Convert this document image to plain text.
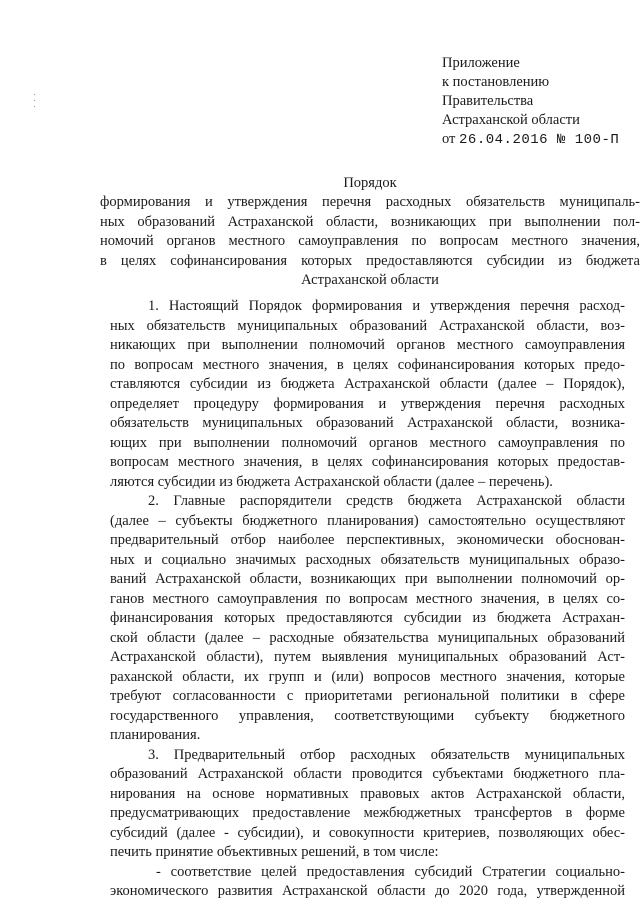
Приложение
к постановлению
Правительства
Астраханской области
от 26.04.2016 № 100-П
Порядок
формирования и утверждения перечня расходных обязательств муниципаль-
ных образований Астраханской области, возникающих при выполнении пол-
номочий органов местного самоуправления по вопросам местного значения,
в целях софинансирования которых предоставляются субсидии из бюджета
Астраханской области
1. Настоящий Порядок формирования и утверждения перечня расход-
ных обязательств муниципальных образований Астраханской области, воз-
никающих при выполнении полномочий органов местного самоуправления
по вопросам местного значения, в целях софинансирования которых предо-
ставляются субсидии из бюджета Астраханской области (далее – Порядок),
определяет процедуру формирования и утверждения перечня расходных
обязательств муниципальных образований Астраханской области, возника-
ющих при выполнении полномочий органов местного самоуправления по
вопросам местного значения, в целях софинансирования которых предостав-
ляются субсидии из бюджета Астраханской области (далее – перечень).
2. Главные распорядители средств бюджета Астраханской области
(далее – субъекты бюджетного планирования) самостоятельно осуществляют
предварительный отбор наиболее перспективных, экономически обоснован-
ных и социально значимых расходных обязательств муниципальных образо-
ваний Астраханской области, возникающих при выполнении полномочий ор-
ганов местного самоуправления по вопросам местного значения, в целях со-
финансирования которых предоставляются субсидии из бюджета Астрахан-
ской области (далее – расходные обязательства муниципальных образований
Астраханской области), путем выявления муниципальных образований Аст-
раханской области, их групп и (или) вопросов местного значения, которые
требуют согласованности с приоритетами региональной политики в сфере
государственного управления, соответствующими субъекту бюджетного
планирования.
3. Предварительный отбор расходных обязательств муниципальных
образований Астраханской области проводится субъектами бюджетного пла-
нирования на основе нормативных правовых актов Астраханской области,
предусматривающих предоставление межбюджетных трансфертов в форме
субсидий (далее - субсидии), и совокупности критериев, позволяющих обес-
печить принятие объективных решений, в том числе:
- соответствие целей предоставления субсидий Стратегии социально-
экономического развития Астраханской области до 2020 года, утвержденной
